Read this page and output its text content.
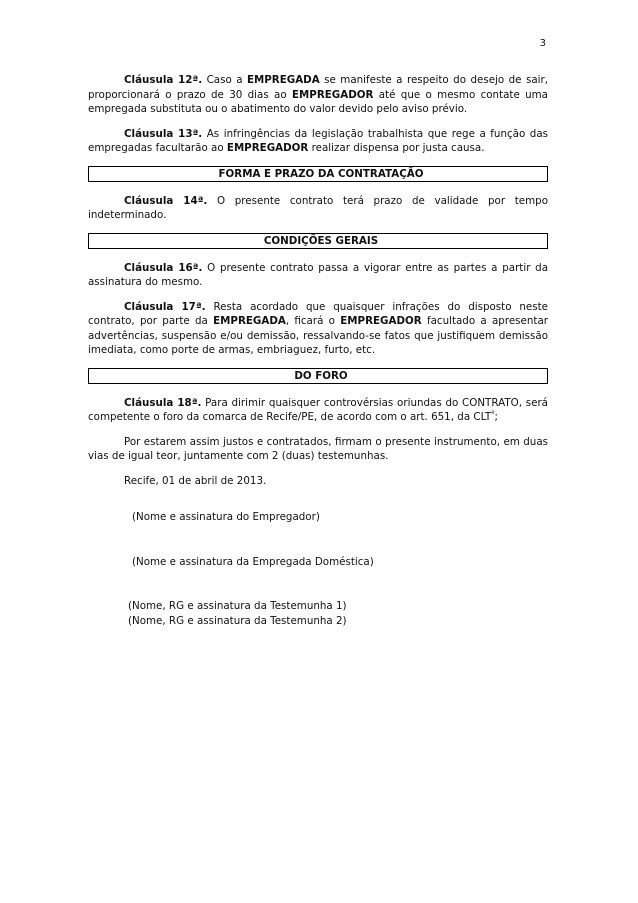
3

Cláusula 12ª. Caso a EMPREGADA se manifeste a respeito do desejo de sair, proporcionará o prazo de 30 dias ao EMPREGADOR até que o mesmo contate uma empregada substituta ou o abatimento do valor devido pelo aviso prévio.

Cláusula 13ª. As infringências da legislação trabalhista que rege a função das empregadas facultarão ao EMPREGADOR realizar dispensa por justa causa.

FORMA E PRAZO DA CONTRATAÇÃO

Cláusula 14ª. O presente contrato terá prazo de validade por tempo indeterminado.

CONDIÇÕES GERAIS

Cláusula 16ª. O presente contrato passa a vigorar entre as partes a partir da assinatura do mesmo.

Cláusula 17ª. Resta acordado que quaisquer infrações do disposto neste contrato, por parte da EMPREGADA, ficará o EMPREGADOR facultado a apresentar advertências, suspensão e/ou demissão, ressalvando-se fatos que justifiquem demissão imediata, como porte de armas, embriaguez, furto, etc.

DO FORO

Cláusula 18ª. Para dirimir quaisquer controvérsias oriundas do CONTRATO, será competente o foro da comarca de Recife/PE, de acordo com o art. 651, da $CLT^º$;

Por estarem assim justos e contratados, firmam o presente instrumento, em duas vias de igual teor, juntamente com 2 (duas) testemunhas.

Recife, 01 de abril de 2013.

(Nome e assinatura do Empregador)

(Nome e assinatura da Empregada Doméstica)

(Nome, RG e assinatura da Testemunha 1)

(Nome, RG e assinatura da Testemunha 2)
